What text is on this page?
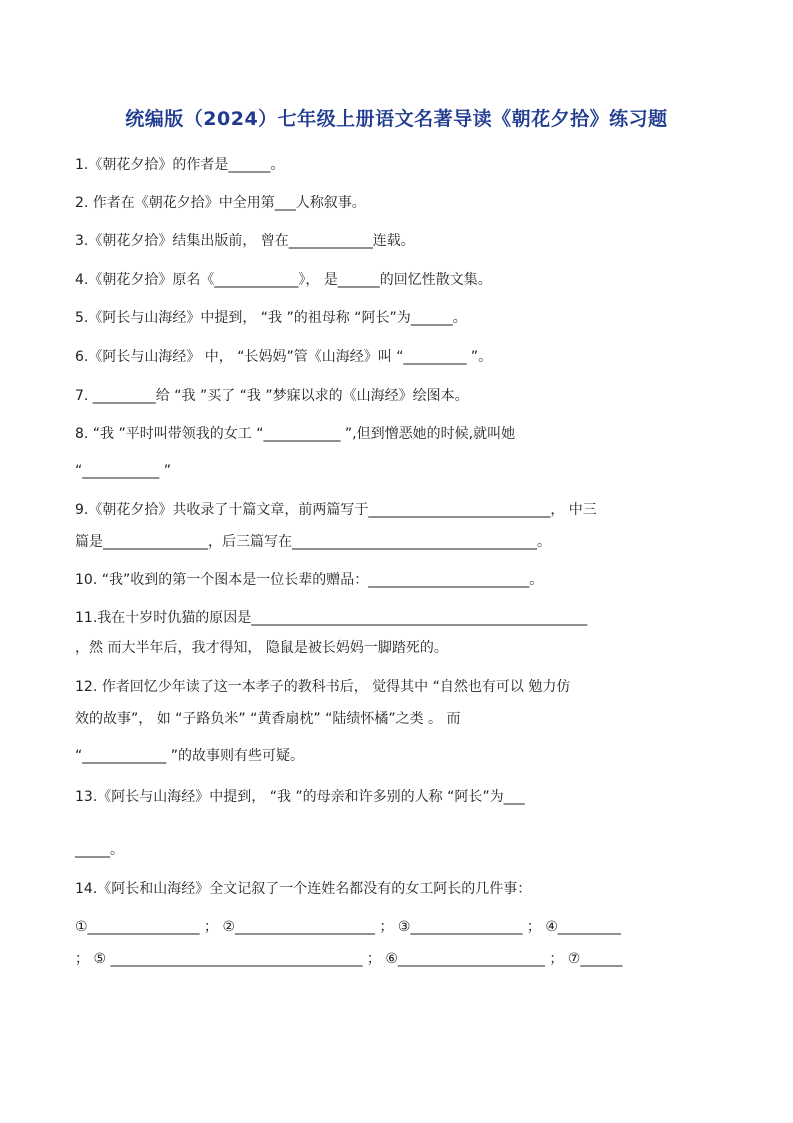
统编版（2024）七年级上册语文名著导读《朝花夕拾》练习题
1.《朝花夕拾》的作者是______。
2. 作者在《朝花夕拾》中全用第___人称叙事。
3.《朝花夕拾》结集出版前， 曾在____________连载。
4.《朝花夕拾》原名《____________》， 是______的回忆性散文集。
5.《阿长与山海经》中提到， “我 ”的祖母称 “阿长”为______。
6.《阿长与山海经》 中， “长妈妈”管《山海经》叫 “_________ ”。
7. _________给 “我 ”买了 “我 ”梦寐以求的《山海经》绘图本。
8. “我 ”平时叫带领我的女工 “___________ ”,但到憎恶她的时候,就叫她
“___________ ”
9.《朝花夕拾》共收录了十篇文章，前两篇写于__________________________， 中三
篇是_______________，后三篇写在___________________________________。
10. “我”收到的第一个图本是一位长辈的赠品：_______________________。
11.我在十岁时仇猫的原因是________________________________________________
，然 而大半年后，我才得知， 隐鼠是被长妈妈一脚踏死的。
12. 作者回忆少年读了这一本孝子的教科书后， 觉得其中 “自然也有可以 勉力仿
效的故事”， 如 “子路负米” “黄香扇枕” “陆绩怀橘”之类 。 而
“____________ ”的故事则有些可疑。
13.《阿长与山海经》中提到， “我 ”的母亲和许多别的人称 “阿长”为___
_____。
14.《阿长和山海经》全文记叙了一个连姓名都没有的女工阿长的几件事：
①________________ ； ②____________________ ； ③________________ ； ④_________
； ⑤ ____________________________________ ； ⑥_____________________ ； ⑦______
